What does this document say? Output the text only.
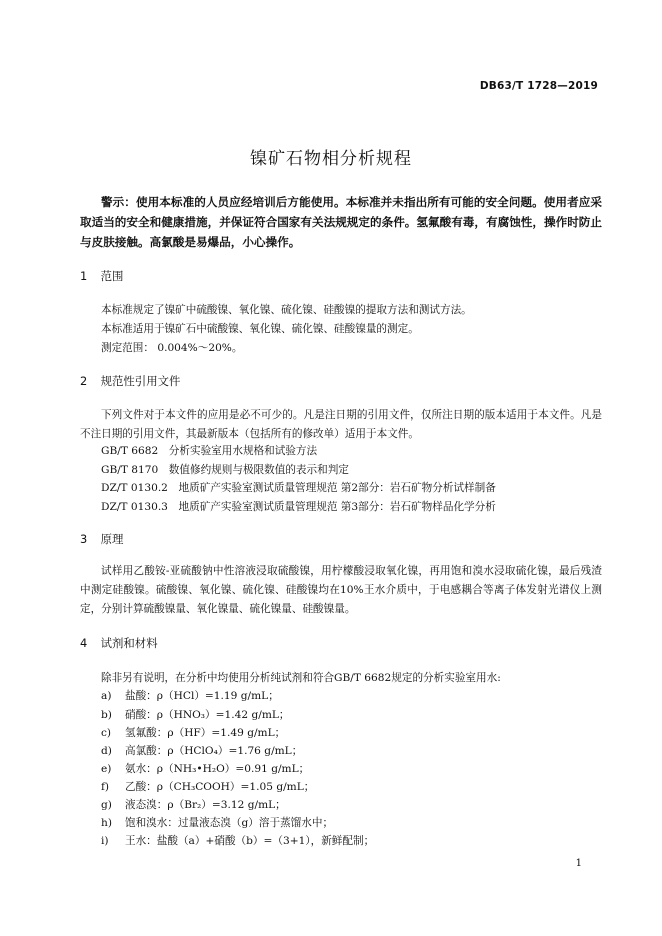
DB63/T 1728—2019
镍矿石物相分析规程
警示：使用本标准的人员应经培训后方能使用。本标准并未指出所有可能的安全问题。使用者应采取适当的安全和健康措施，并保证符合国家有关法规规定的条件。氢氟酸有毒，有腐蚀性，操作时防止与皮肤接触。高氯酸是易爆品，小心操作。
1 范围
本标准规定了镍矿中硫酸镍、氧化镍、硫化镍、硅酸镍的提取方法和测试方法。
本标准适用于镍矿石中硫酸镍、氧化镍、硫化镍、硅酸镍量的测定。
测定范围： 0.004%～20%。
2 规范性引用文件
下列文件对于本文件的应用是必不可少的。凡是注日期的引用文件，仅所注日期的版本适用于本文件。凡是不注日期的引用文件，其最新版本（包括所有的修改单）适用于本文件。
GB/T 6682　分析实验室用水规格和试验方法
GB/T 8170　数值修约规则与极限数值的表示和判定
DZ/T 0130.2　地质矿产实验室测试质量管理规范 第2部分：岩石矿物分析试样制备
DZ/T 0130.3　地质矿产实验室测试质量管理规范 第3部分：岩石矿物样品化学分析
3 原理
试样用乙酸铵-亚硫酸钠中性溶液浸取硫酸镍，用柠檬酸浸取氧化镍，再用饱和溴水浸取硫化镍，最后残渣中测定硅酸镍。硫酸镍、氧化镍、硫化镍、硅酸镍均在10%王水介质中，于电感耦合等离子体发射光谱仪上测定，分别计算硫酸镍量、氧化镍量、硫化镍量、硅酸镍量。
4 试剂和材料
除非另有说明，在分析中均使用分析纯试剂和符合GB/T 6682规定的分析实验室用水:
a) 盐酸：ρ（HCl）=1.19 g/mL；
b) 硝酸：ρ（HNO₃）=1.42 g/mL；
c) 氢氟酸：ρ（HF）=1.49 g/mL；
d) 高氯酸：ρ（HClO₄）=1.76 g/mL；
e) 氨水：ρ（NH₃•H₂O）=0.91 g/mL；
f) 乙酸：ρ（CH₃COOH）=1.05 g/mL；
g) 液态溴：ρ（Br₂）=3.12 g/mL；
h) 饱和溴水：过量液态溴（g）溶于蒸馏水中；
i) 王水：盐酸（a）+硝酸（b）=（3+1），新鲜配制；
1
